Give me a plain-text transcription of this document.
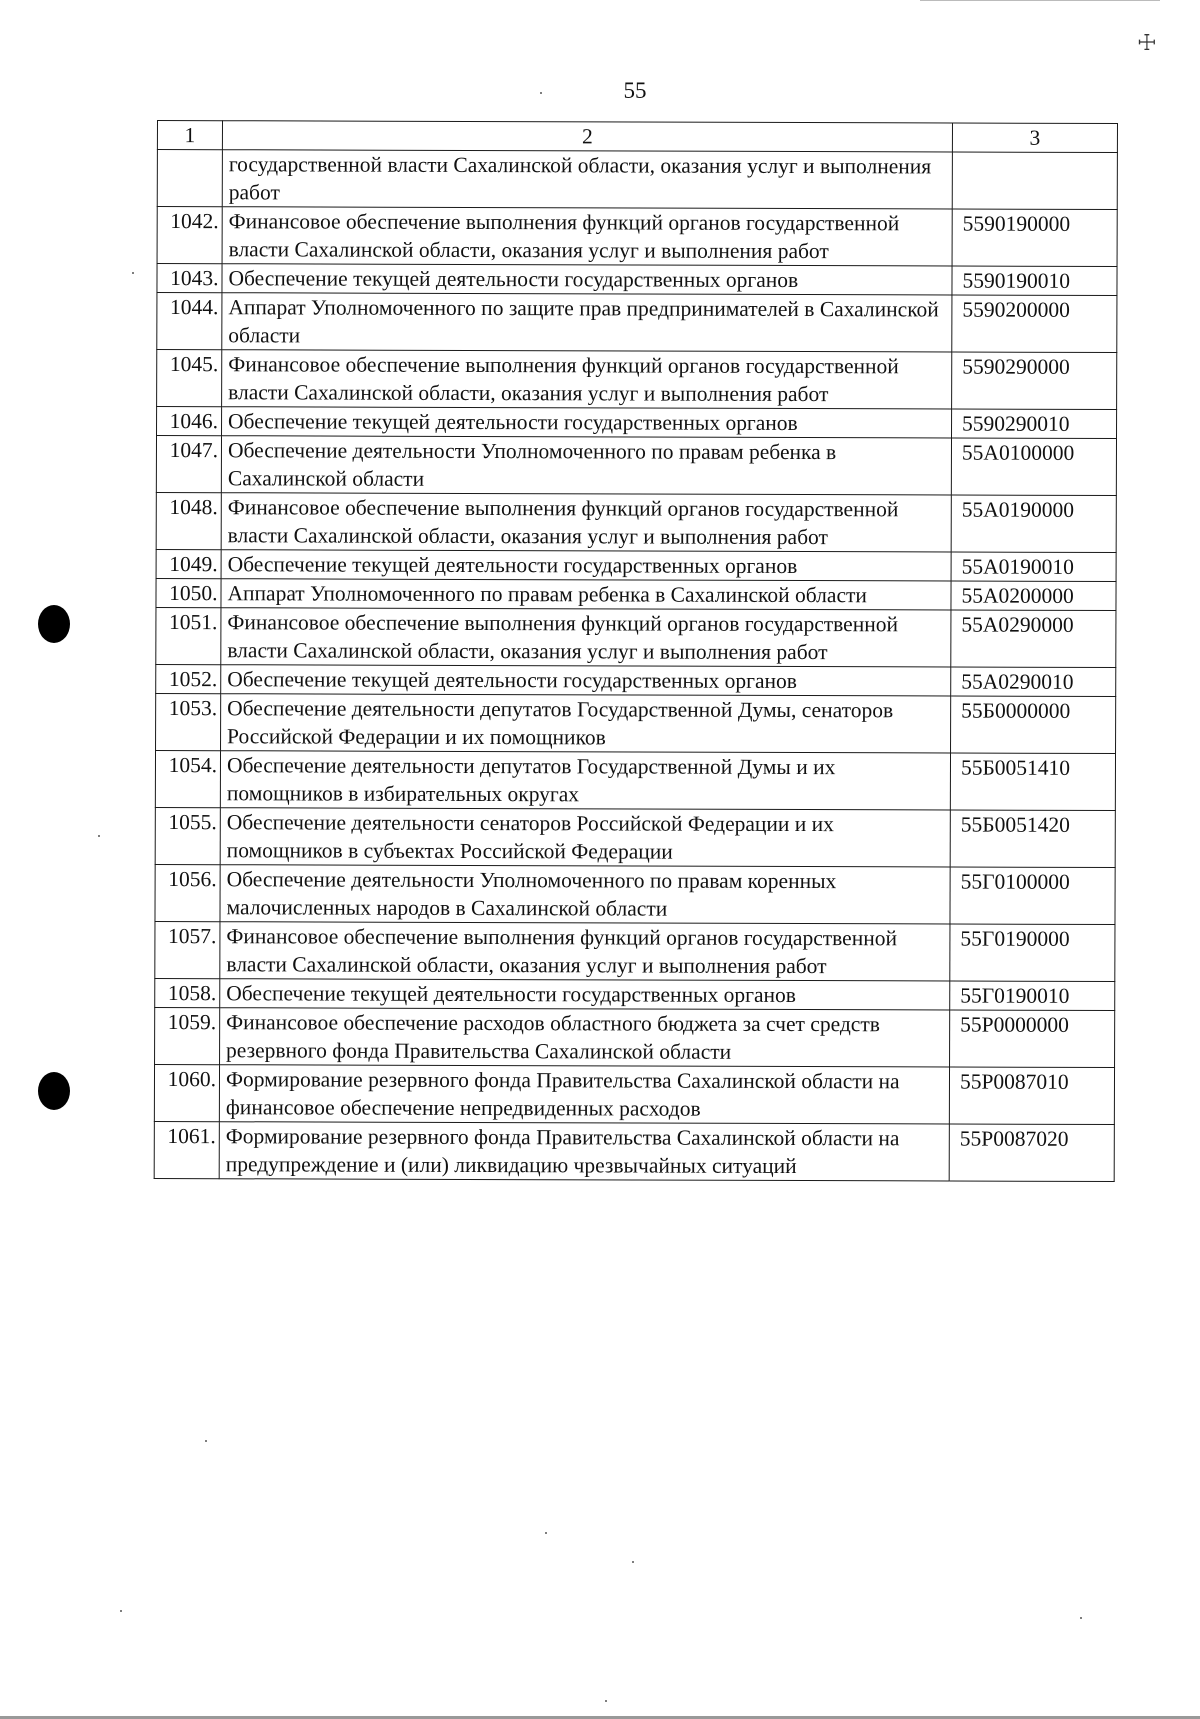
☩
55
1	2	3
	государственной власти Сахалинской области, оказания услуг и выполнения работ	
1042.	Финансовое обеспечение выполнения функций органов государственной власти Сахалинской области, оказания услуг и выполнения работ	5590190000
1043.	Обеспечение текущей деятельности государственных органов	5590190010
1044.	Аппарат Уполномоченного по защите прав предпринимателей в Сахалинской области	5590200000
1045.	Финансовое обеспечение выполнения функций органов государственной власти Сахалинской области, оказания услуг и выполнения работ	5590290000
1046.	Обеспечение текущей деятельности государственных органов	5590290010
1047.	Обеспечение деятельности Уполномоченного по правам ребенка в Сахалинской области	55А0100000
1048.	Финансовое обеспечение выполнения функций органов государственной власти Сахалинской области, оказания услуг и выполнения работ	55А0190000
1049.	Обеспечение текущей деятельности государственных органов	55А0190010
1050.	Аппарат Уполномоченного по правам ребенка в Сахалинской области	55А0200000
1051.	Финансовое обеспечение выполнения функций органов государственной власти Сахалинской области, оказания услуг и выполнения работ	55А0290000
1052.	Обеспечение текущей деятельности государственных органов	55А0290010
1053.	Обеспечение деятельности депутатов Государственной Думы, сенаторов Российской Федерации и их помощников	55Б0000000
1054.	Обеспечение деятельности депутатов Государственной Думы и их помощников в избирательных округах	55Б0051410
1055.	Обеспечение деятельности сенаторов Российской Федерации и их помощников в субъектах Российской Федерации	55Б0051420
1056.	Обеспечение деятельности Уполномоченного по правам коренных малочисленных народов в Сахалинской области	55Г0100000
1057.	Финансовое обеспечение выполнения функций органов государственной власти Сахалинской области, оказания услуг и выполнения работ	55Г0190000
1058.	Обеспечение текущей деятельности государственных органов	55Г0190010
1059.	Финансовое обеспечение расходов областного бюджета за счет средств резервного фонда Правительства Сахалинской области	55Р0000000
1060.	Формирование резервного фонда Правительства Сахалинской области на финансовое обеспечение непредвиденных расходов	55Р0087010
1061.	Формирование резервного фонда Правительства Сахалинской области на предупреждение и (или) ликвидацию чрезвычайных ситуаций	55Р0087020
